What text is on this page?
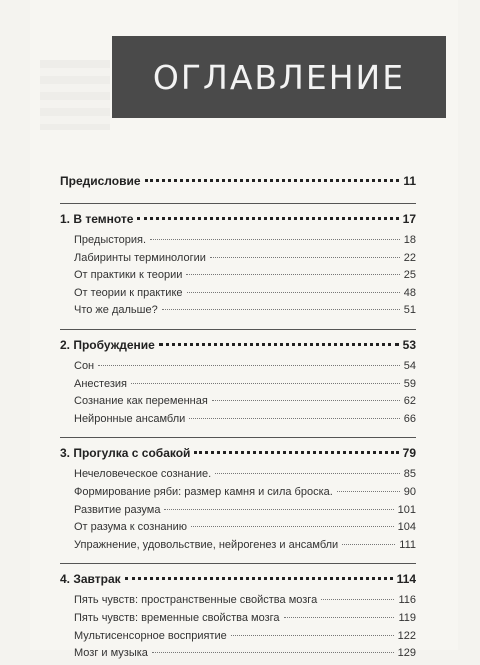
ОГЛАВЛЕНИЕ
Предисловие	11
1. В темноте	17
Предыстория.	18
Лабиринты терминологии	22
От практики к теории	25
От теории к практике	48
Что же дальше?	51
2. Пробуждение	53
Сон	54
Анестезия	59
Сознание как переменная	62
Нейронные ансамбли	66
3. Прогулка с собакой	79
Нечеловеческое сознание.	85
Формирование ряби: размер камня и сила броска.	90
Развитие разума	101
От разума к сознанию	104
Упражнение, удовольствие, нейрогенез и ансамбли	111
4. Завтрак	114
Пять чувств: пространственные свойства мозга	116
Пять чувств: временные свойства мозга	119
Мультисенсорное восприятие	122
Мозг и музыка	129
